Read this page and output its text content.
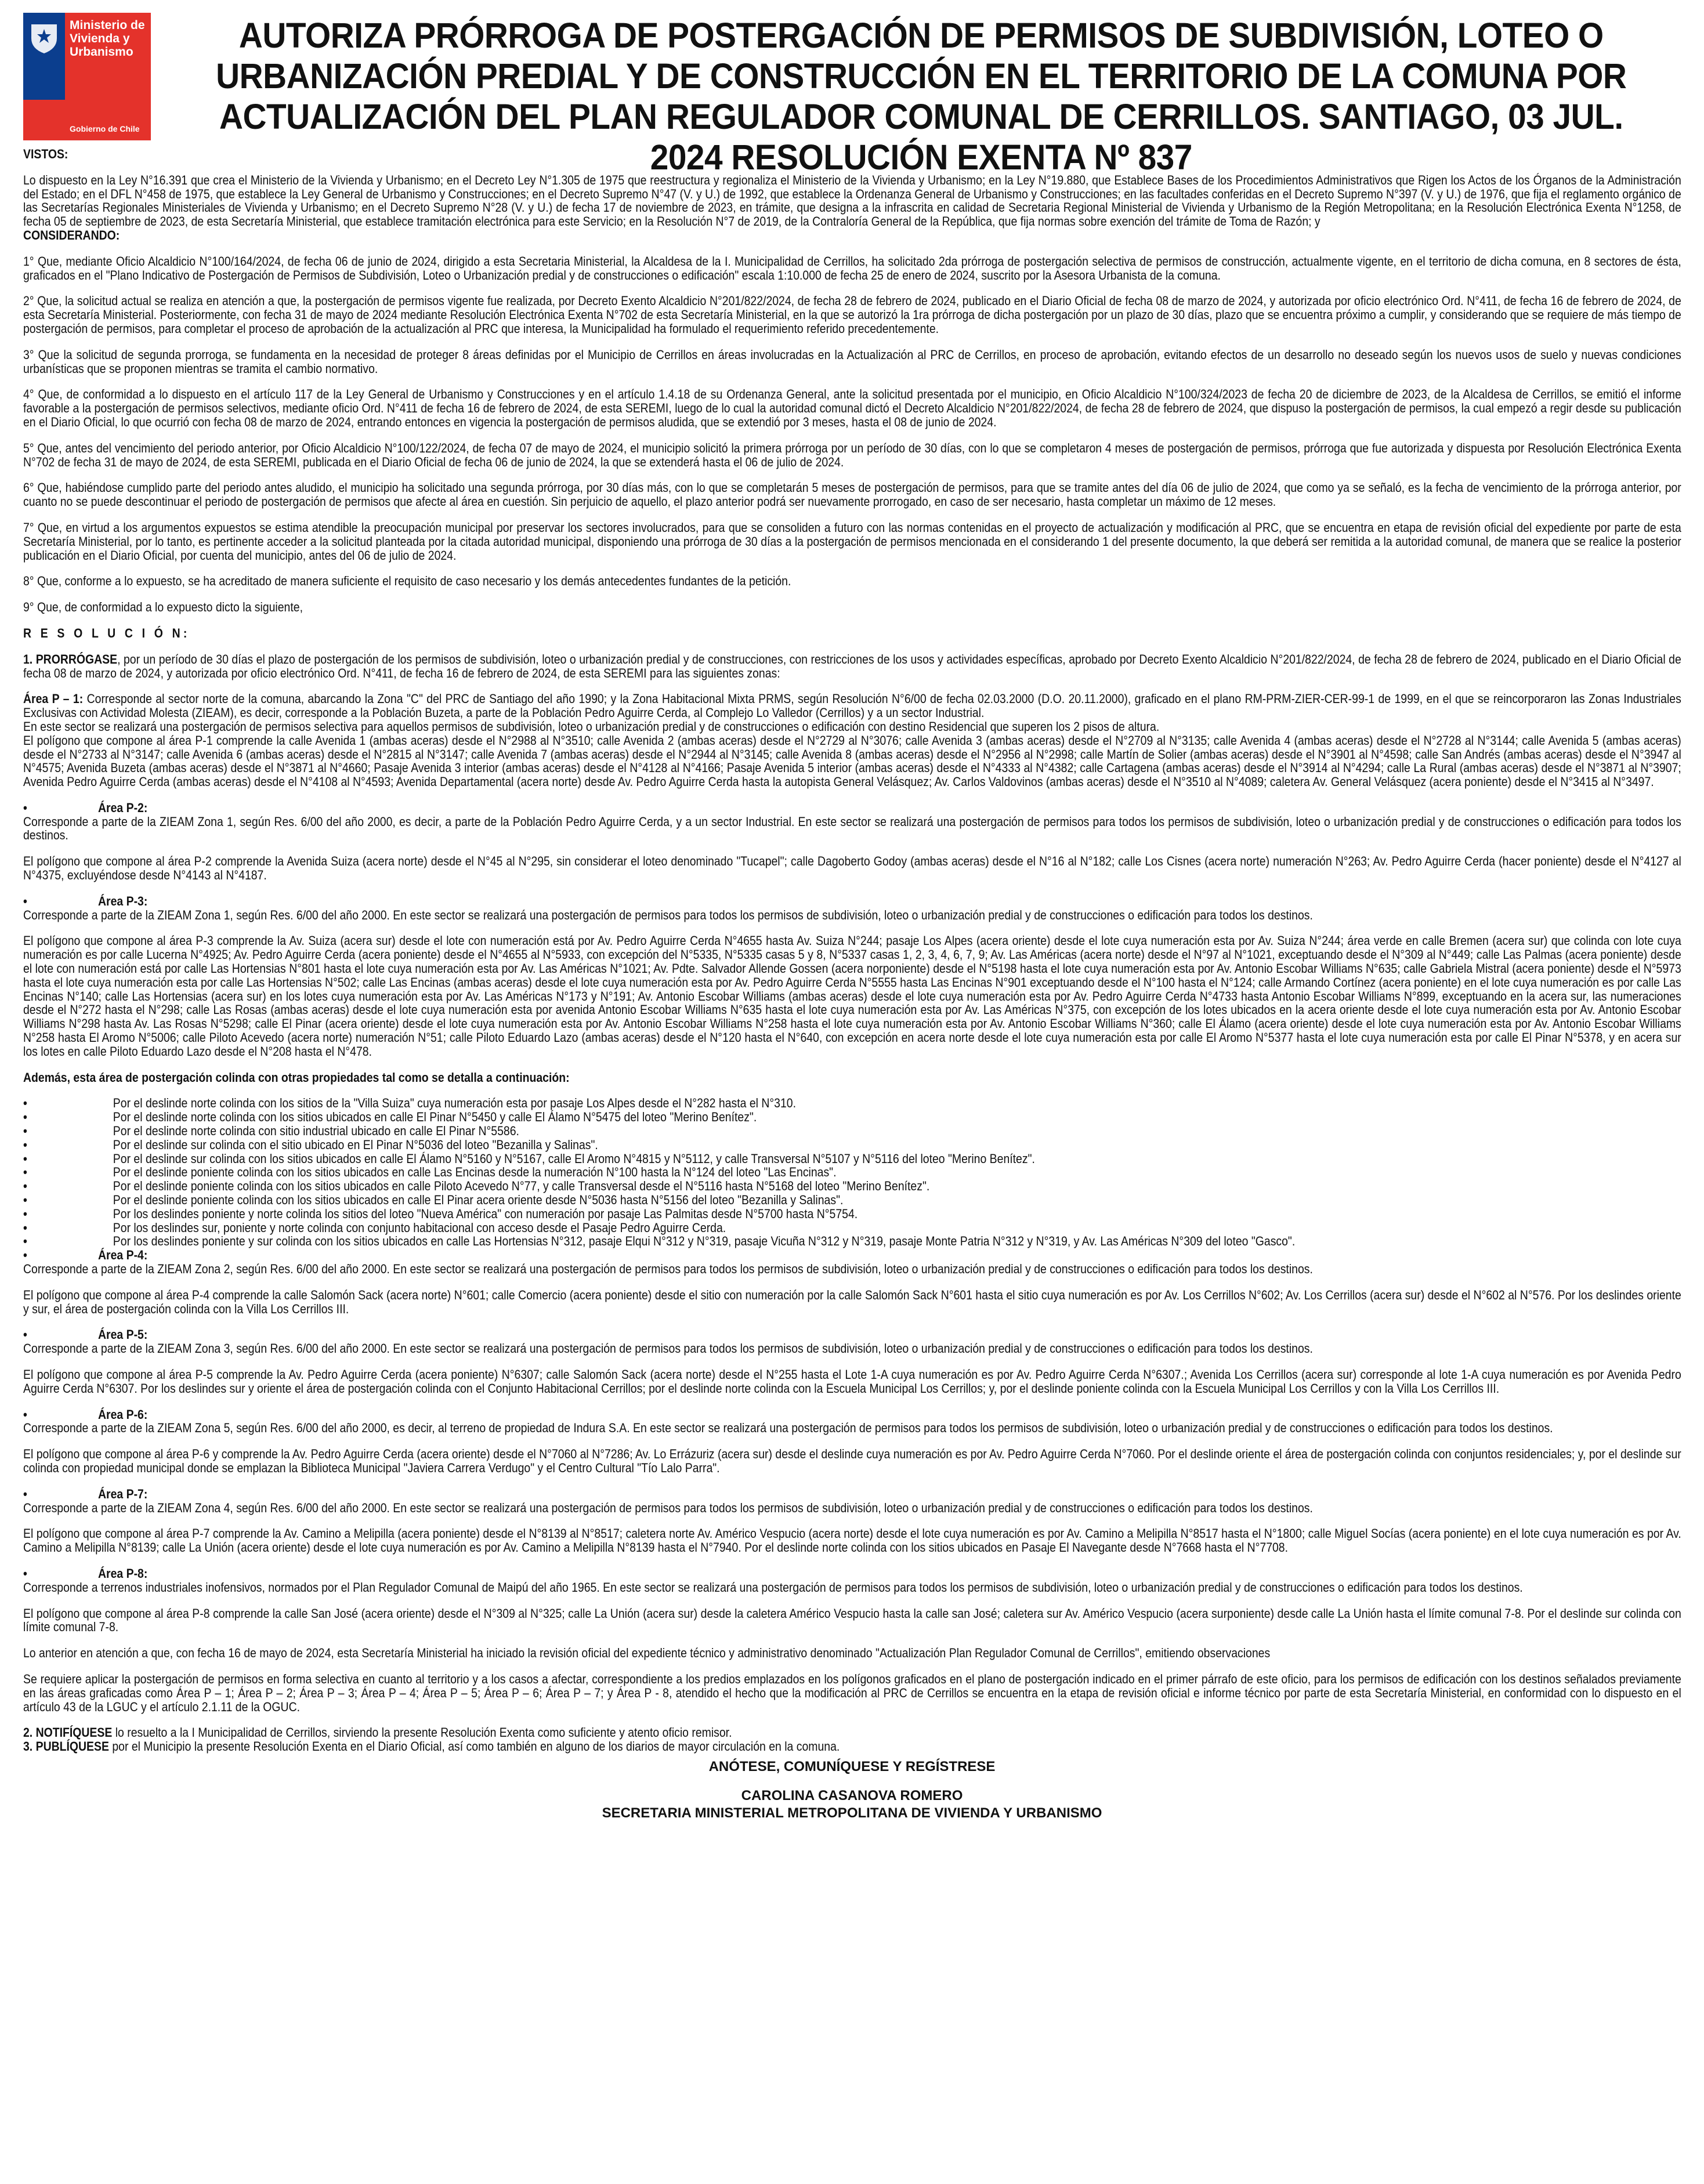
Ministerio de Vivienda y Urbanismo
Gobierno de Chile
AUTORIZA PRÓRROGA DE POSTERGACIÓN DE PERMISOS DE SUBDIVISIÓN, LOTEO O URBANIZACIÓN PREDIAL Y DE CONSTRUCCIÓN EN EL TERRITORIO DE LA COMUNA POR ACTUALIZACIÓN DEL PLAN REGULADOR COMUNAL DE CERRILLOS. SANTIAGO, 03 JUL. 2024 RESOLUCIÓN EXENTA Nº 837

VISTOS:

Lo dispuesto en la Ley N°16.391 que crea el Ministerio de la Vivienda y Urbanismo; en el Decreto Ley N°1.305 de 1975 que reestructura y regionaliza el Ministerio de la Vivienda y Urbanismo; en la Ley N°19.880, que Establece Bases de los Procedimientos Administrativos que Rigen los Actos de los Órganos de la Administración del Estado; en el DFL N°458 de 1975, que establece la Ley General de Urbanismo y Construcciones; en el Decreto Supremo N°47 (V. y U.) de 1992, que establece la Ordenanza General de Urbanismo y Construcciones; en las facultades conferidas en el Decreto Supremo N°397 (V. y U.) de 1976, que fija el reglamento orgánico de las Secretarías Regionales Ministeriales de Vivienda y Urbanismo; en el Decreto Supremo N°28 (V. y U.) de fecha 17 de noviembre de 2023, en trámite, que designa a la infrascrita en calidad de Secretaria Regional Ministerial de Vivienda y Urbanismo de la Región Metropolitana; en la Resolución Electrónica Exenta N°1258, de fecha 05 de septiembre de 2023, de esta Secretaría Ministerial, que establece tramitación electrónica para este Servicio; en la Resolución N°7 de 2019, de la Contraloría General de la República, que fija normas sobre exención del trámite de Toma de Razón; y

CONSIDERANDO:

1° Que, mediante Oficio Alcaldicio N°100/164/2024, de fecha 06 de junio de 2024, dirigido a esta Secretaria Ministerial, la Alcaldesa de la I. Municipalidad de Cerrillos, ha solicitado 2da prórroga de postergación selectiva de permisos de construcción, actualmente vigente, en el territorio de dicha comuna, en 8 sectores de ésta, graficados en el "Plano Indicativo de Postergación de Permisos de Subdivisión, Loteo o Urbanización predial y de construcciones o edificación" escala 1:10.000 de fecha 25 de enero de 2024, suscrito por la Asesora Urbanista de la comuna.

2° Que, la solicitud actual se realiza en atención a que, la postergación de permisos vigente fue realizada, por Decreto Exento Alcaldicio N°201/822/2024, de fecha 28 de febrero de 2024, publicado en el Diario Oficial de fecha 08 de marzo de 2024, y autorizada por oficio electrónico Ord. N°411, de fecha 16 de febrero de 2024, de esta Secretaría Ministerial. Posteriormente, con fecha 31 de mayo de 2024 mediante Resolución Electrónica Exenta N°702 de esta Secretaría Ministerial, en la que se autorizó la 1ra prórroga de dicha postergación por un plazo de 30 días, plazo que se encuentra próximo a cumplir, y considerando que se requiere de más tiempo de postergación de permisos, para completar el proceso de aprobación de la actualización al PRC que interesa, la Municipalidad ha formulado el requerimiento referido precedentemente.

3° Que la solicitud de segunda prorroga, se fundamenta en la necesidad de proteger 8 áreas definidas por el Municipio de Cerrillos en áreas involucradas en la Actualización al PRC de Cerrillos, en proceso de aprobación, evitando efectos de un desarrollo no deseado según los nuevos usos de suelo y nuevas condiciones urbanísticas que se proponen mientras se tramita el cambio normativo.

4° Que, de conformidad a lo dispuesto en el artículo 117 de la Ley General de Urbanismo y Construcciones y en el artículo 1.4.18 de su Ordenanza General, ante la solicitud presentada por el municipio, en Oficio Alcaldicio N°100/324/2023 de fecha 20 de diciembre de 2023, de la Alcaldesa de Cerrillos, se emitió el informe favorable a la postergación de permisos selectivos, mediante oficio Ord. N°411 de fecha 16 de febrero de 2024, de esta SEREMI, luego de lo cual la autoridad comunal dictó el Decreto Alcaldicio N°201/822/2024, de fecha 28 de febrero de 2024, que dispuso la postergación de permisos, la cual empezó a regir desde su publicación en el Diario Oficial, lo que ocurrió con fecha 08 de marzo de 2024, entrando entonces en vigencia la postergación de permisos aludida, que se extendió por 3 meses, hasta el 08 de junio de 2024.

5° Que, antes del vencimiento del periodo anterior, por Oficio Alcaldicio N°100/122/2024, de fecha 07 de mayo de 2024, el municipio solicitó la primera prórroga por un período de 30 días, con lo que se completaron 4 meses de postergación de permisos, prórroga que fue autorizada y dispuesta por Resolución Electrónica Exenta N°702 de fecha 31 de mayo de 2024, de esta SEREMI, publicada en el Diario Oficial de fecha 06 de junio de 2024, la que se extenderá hasta el 06 de julio de 2024.

6° Que, habiéndose cumplido parte del periodo antes aludido, el municipio ha solicitado una segunda prórroga, por 30 días más, con lo que se completarán 5 meses de postergación de permisos, para que se tramite antes del día 06 de julio de 2024, que como ya se señaló, es la fecha de vencimiento de la prórroga anterior, por cuanto no se puede descontinuar el periodo de postergación de permisos que afecte al área en cuestión. Sin perjuicio de aquello, el plazo anterior podrá ser nuevamente prorrogado, en caso de ser necesario, hasta completar un máximo de 12 meses.

7° Que, en virtud a los argumentos expuestos se estima atendible la preocupación municipal por preservar los sectores involucrados, para que se consoliden a futuro con las normas contenidas en el proyecto de actualización y modificación al PRC, que se encuentra en etapa de revisión oficial del expediente por parte de esta Secretaría Ministerial, por lo tanto, es pertinente acceder a la solicitud planteada por la citada autoridad municipal, disponiendo una prórroga de 30 días a la postergación de permisos mencionada en el considerando 1 del presente documento, la que deberá ser remitida a la autoridad comunal, de manera que se realice la posterior publicación en el Diario Oficial, por cuenta del municipio, antes del 06 de julio de 2024.

8° Que, conforme a lo expuesto, se ha acreditado de manera suficiente el requisito de caso necesario y los demás antecedentes fundantes de la petición.

9° Que, de conformidad a lo expuesto dicto la siguiente,

R E S O L U C I Ó N:

1. PRORRÓGASE, por un período de 30 días el plazo de postergación de los permisos de subdivisión, loteo o urbanización predial y de construcciones, con restricciones de los usos y actividades específicas, aprobado por Decreto Exento Alcaldicio N°201/822/2024, de fecha 28 de febrero de 2024, publicado en el Diario Oficial de fecha 08 de marzo de 2024, y autorizada por oficio electrónico Ord. N°411, de fecha 16 de febrero de 2024, de esta SEREMI para las siguientes zonas:

Área P – 1: Corresponde al sector norte de la comuna, abarcando la Zona "C" del PRC de Santiago del año 1990; y la Zona Habitacional Mixta PRMS, según Resolución N°6/00 de fecha 02.03.2000 (D.O. 20.11.2000), graficado en el plano RM-PRM-ZIER-CER-99-1 de 1999, en el que se reincorporaron las Zonas Industriales Exclusivas con Actividad Molesta (ZIEAM), es decir, corresponde a la Población Buzeta, a parte de la Población Pedro Aguirre Cerda, al Complejo Lo Valledor (Cerrillos) y a un sector Industrial.

En este sector se realizará una postergación de permisos selectiva para aquellos permisos de subdivisión, loteo o urbanización predial y de construcciones o edificación con destino Residencial que superen los 2 pisos de altura.

El polígono que compone al área P-1 comprende la calle Avenida 1 (ambas aceras) desde el N°2988 al N°3510; calle Avenida 2 (ambas aceras) desde el N°2729 al N°3076; calle Avenida 3 (ambas aceras) desde el N°2709 al N°3135; calle Avenida 4 (ambas aceras) desde el N°2728 al N°3144; calle Avenida 5 (ambas aceras) desde el N°2733 al N°3147; calle Avenida 6 (ambas aceras) desde el N°2815 al N°3147; calle Avenida 7 (ambas aceras) desde el N°2944 al N°3145; calle Avenida 8 (ambas aceras) desde el N°2956 al N°2998; calle Martín de Solier (ambas aceras) desde el N°3901 al N°4598; calle San Andrés (ambas aceras) desde el N°3947 al N°4575; Avenida Buzeta (ambas aceras) desde el N°3871 al N°4660; Pasaje Avenida 3 interior (ambas aceras) desde el N°4128 al N°4166; Pasaje Avenida 5 interior (ambas aceras) desde el N°4333 al N°4382; calle Cartagena (ambas aceras) desde el N°3914 al N°4294; calle La Rural (ambas aceras) desde el N°3871 al N°3907; Avenida Pedro Aguirre Cerda (ambas aceras) desde el N°4108 al N°4593; Avenida Departamental (acera norte) desde Av. Pedro Aguirre Cerda hasta la autopista General Velásquez; Av. Carlos Valdovinos (ambas aceras) desde el N°3510 al N°4089; caletera Av. General Velásquez (acera poniente) desde el N°3415 al N°3497.

•	Área P-2:

Corresponde a parte de la ZIEAM Zona 1, según Res. 6/00 del año 2000, es decir, a parte de la Población Pedro Aguirre Cerda, y a un sector Industrial. En este sector se realizará una postergación de permisos para todos los permisos de subdivisión, loteo o urbanización predial y de construcciones o edificación para todos los destinos.

El polígono que compone al área P-2 comprende la Avenida Suiza (acera norte) desde el N°45 al N°295, sin considerar el loteo denominado "Tucapel"; calle Dagoberto Godoy (ambas aceras) desde el N°16 al N°182; calle Los Cisnes (acera norte) numeración N°263; Av. Pedro Aguirre Cerda (hacer poniente) desde el N°4127 al N°4375, excluyéndose desde N°4143 al N°4187.

•	Área P-3:

Corresponde a parte de la ZIEAM Zona 1, según Res. 6/00 del año 2000. En este sector se realizará una postergación de permisos para todos los permisos de subdivisión, loteo o urbanización predial y de construcciones o edificación para todos los destinos.

El polígono que compone al área P-3 comprende la Av. Suiza (acera sur) desde el lote con numeración está por Av. Pedro Aguirre Cerda N°4655 hasta Av. Suiza N°244; pasaje Los Alpes (acera oriente) desde el lote cuya numeración esta por Av. Suiza N°244; área verde en calle Bremen (acera sur) que colinda con lote cuya numeración es por calle Lucerna N°4925; Av. Pedro Aguirre Cerda (acera poniente) desde el N°4655 al N°5933, con excepción del N°5335, N°5335 casas 5 y 8, N°5337 casas 1, 2, 3, 4, 6, 7, 9; Av. Las Américas (acera norte) desde el N°97 al N°1021, exceptuando desde el N°309 al N°449; calle Las Palmas (acera poniente) desde el lote con numeración está por calle Las Hortensias N°801 hasta el lote cuya numeración esta por Av. Las Américas N°1021; Av. Pdte. Salvador Allende Gossen (acera norponiente) desde el N°5198 hasta el lote cuya numeración esta por Av. Antonio Escobar Williams N°635; calle Gabriela Mistral (acera poniente) desde el N°5973 hasta el lote cuya numeración esta por calle Las Hortensias N°502; calle Las Encinas (ambas aceras) desde el lote cuya numeración esta por Av. Pedro Aguirre Cerda N°5555 hasta Las Encinas N°901 exceptuando desde el N°100 hasta el N°124; calle Armando Cortínez (acera poniente) en el lote cuya numeración es por calle Las Encinas N°140; calle Las Hortensias (acera sur) en los lotes cuya numeración esta por Av. Las Américas N°173 y N°191; Av. Antonio Escobar Williams (ambas aceras) desde el lote cuya numeración esta por Av. Pedro Aguirre Cerda N°4733 hasta Antonio Escobar Williams N°899, exceptuando en la acera sur, las numeraciones desde el N°272 hasta el N°298; calle Las Rosas (ambas aceras) desde el lote cuya numeración esta por avenida Antonio Escobar Williams N°635 hasta el lote cuya numeración esta por Av. Las Américas N°375, con excepción de los lotes ubicados en la acera oriente desde el lote cuya numeración esta por Av. Antonio Escobar Williams N°298 hasta Av. Las Rosas N°5298; calle El Pinar (acera oriente) desde el lote cuya numeración esta por Av. Antonio Escobar Williams N°258 hasta el lote cuya numeración esta por Av. Antonio Escobar Williams N°360; calle El Álamo (acera oriente) desde el lote cuya numeración esta por Av. Antonio Escobar Williams N°258 hasta El Aromo N°5006; calle Piloto Acevedo (acera norte) numeración N°51; calle Piloto Eduardo Lazo (ambas aceras) desde el N°120 hasta el N°640, con excepción en acera norte desde el lote cuya numeración esta por calle El Aromo N°5377 hasta el lote cuya numeración esta por calle El Pinar N°5378, y en acera sur los lotes en calle Piloto Eduardo Lazo desde el N°208 hasta el N°478.

Además, esta área de postergación colinda con otras propiedades tal como se detalla a continuación:

•	Por el deslinde norte colinda con los sitios de la "Villa Suiza" cuya numeración esta por pasaje Los Alpes desde el N°282 hasta el N°310.
•	Por el deslinde norte colinda con los sitios ubicados en calle El Pinar N°5450 y calle El Álamo N°5475 del loteo "Merino Benítez".
•	Por el deslinde norte colinda con sitio industrial ubicado en calle El Pinar N°5586.
•	Por el deslinde sur colinda con el sitio ubicado en El Pinar N°5036 del loteo "Bezanilla y Salinas".
•	Por el deslinde sur colinda con los sitios ubicados en calle El Álamo N°5160 y N°5167, calle El Aromo N°4815 y N°5112, y calle Transversal N°5107 y N°5116 del loteo "Merino Benítez".
•	Por el deslinde poniente colinda con los sitios ubicados en calle Las Encinas desde la numeración N°100 hasta la N°124 del loteo "Las Encinas".
•	Por el deslinde poniente colinda con los sitios ubicados en calle Piloto Acevedo N°77, y calle Transversal desde el N°5116 hasta N°5168 del loteo "Merino Benítez".
•	Por el deslinde poniente colinda con los sitios ubicados en calle El Pinar acera oriente desde N°5036 hasta N°5156 del loteo "Bezanilla y Salinas".
•	Por los deslindes poniente y norte colinda los sitios del loteo "Nueva América" con numeración por pasaje Las Palmitas desde N°5700 hasta N°5754.
•	Por los deslindes sur, poniente y norte colinda con conjunto habitacional con acceso desde el Pasaje Pedro Aguirre Cerda.
•	Por los deslindes poniente y sur colinda con los sitios ubicados en calle Las Hortensias N°312, pasaje Elqui N°312 y N°319, pasaje Vicuña N°312 y N°319, pasaje Monte Patria N°312 y N°319, y Av. Las Américas N°309 del loteo "Gasco".
•	Área P-4:

Corresponde a parte de la ZIEAM Zona 2, según Res. 6/00 del año 2000. En este sector se realizará una postergación de permisos para todos los permisos de subdivisión, loteo o urbanización predial y de construcciones o edificación para todos los destinos.

El polígono que compone al área P-4 comprende la calle Salomón Sack (acera norte) N°601; calle Comercio (acera poniente) desde el sitio con numeración por la calle Salomón Sack N°601 hasta el sitio cuya numeración es por Av. Los Cerrillos N°602; Av. Los Cerrillos (acera sur) desde el N°602 al N°576. Por los deslindes oriente y sur, el área de postergación colinda con la Villa Los Cerrillos III.

•	Área P-5:

Corresponde a parte de la ZIEAM Zona 3, según Res. 6/00 del año 2000. En este sector se realizará una postergación de permisos para todos los permisos de subdivisión, loteo o urbanización predial y de construcciones o edificación para todos los destinos.

El polígono que compone al área P-5 comprende la Av. Pedro Aguirre Cerda (acera poniente) N°6307; calle Salomón Sack (acera norte) desde el N°255 hasta el Lote 1-A cuya numeración es por Av. Pedro Aguirre Cerda N°6307.; Avenida Los Cerrillos (acera sur) corresponde al lote 1-A cuya numeración es por Avenida Pedro Aguirre Cerda N°6307. Por los deslindes sur y oriente el área de postergación colinda con el Conjunto Habitacional Cerrillos; por el deslinde norte colinda con la Escuela Municipal Los Cerrillos; y, por el deslinde poniente colinda con la Escuela Municipal Los Cerrillos y con la Villa Los Cerrillos III.

•	Área P-6:

Corresponde a parte de la ZIEAM Zona 5, según Res. 6/00 del año 2000, es decir, al terreno de propiedad de Indura S.A. En este sector se realizará una postergación de permisos para todos los permisos de subdivisión, loteo o urbanización predial y de construcciones o edificación para todos los destinos.

El polígono que compone al área P-6 y comprende la Av. Pedro Aguirre Cerda (acera oriente) desde el N°7060 al N°7286; Av. Lo Errázuriz (acera sur) desde el deslinde cuya numeración es por Av. Pedro Aguirre Cerda N°7060. Por el deslinde oriente el área de postergación colinda con conjuntos residenciales; y, por el deslinde sur colinda con propiedad municipal donde se emplazan la Biblioteca Municipal "Javiera Carrera Verdugo" y el Centro Cultural "Tío Lalo Parra".

•	Área P-7:

Corresponde a parte de la ZIEAM Zona 4, según Res. 6/00 del año 2000. En este sector se realizará una postergación de permisos para todos los permisos de subdivisión, loteo o urbanización predial y de construcciones o edificación para todos los destinos.

El polígono que compone al área P-7 comprende la Av. Camino a Melipilla (acera poniente) desde el N°8139 al N°8517; caletera norte Av. Américo Vespucio (acera norte) desde el lote cuya numeración es por Av. Camino a Melipilla N°8517 hasta el N°1800; calle Miguel Socías (acera poniente) en el lote cuya numeración es por Av. Camino a Melipilla N°8139; calle La Unión (acera oriente) desde el lote cuya numeración es por Av. Camino a Melipilla N°8139 hasta el N°7940. Por el deslinde norte colinda con los sitios ubicados en Pasaje El Navegante desde N°7668 hasta el N°7708.

•	Área P-8:

Corresponde a terrenos industriales inofensivos, normados por el Plan Regulador Comunal de Maipú del año 1965. En este sector se realizará una postergación de permisos para todos los permisos de subdivisión, loteo o urbanización predial y de construcciones o edificación para todos los destinos.

El polígono que compone al área P-8 comprende la calle San José (acera oriente) desde el N°309 al N°325; calle La Unión (acera sur) desde la caletera Américo Vespucio hasta la calle san José; caletera sur Av. Américo Vespucio (acera surponiente) desde calle La Unión hasta el límite comunal 7-8. Por el deslinde sur colinda con límite comunal 7-8.

Lo anterior en atención a que, con fecha 16 de mayo de 2024, esta Secretaría Ministerial ha iniciado la revisión oficial del expediente técnico y administrativo denominado "Actualización Plan Regulador Comunal de Cerrillos", emitiendo observaciones

Se requiere aplicar la postergación de permisos en forma selectiva en cuanto al territorio y a los casos a afectar, correspondiente a los predios emplazados en los polígonos graficados en el plano de postergación indicado en el primer párrafo de este oficio, para los permisos de edificación con los destinos señalados previamente en las áreas graficadas como Área P – 1; Área P – 2; Área P – 3; Área P – 4; Área P – 5; Área P – 6; Área P – 7; y Área P - 8, atendido el hecho que la modificación al PRC de Cerrillos se encuentra en la etapa de revisión oficial e informe técnico por parte de esta Secretaría Ministerial, en conformidad con lo dispuesto en el artículo 43 de la LGUC y el artículo 2.1.11 de la OGUC.

2. NOTIFÍQUESE lo resuelto a la I Municipalidad de Cerrillos, sirviendo la presente Resolución Exenta como suficiente y atento oficio remisor.

3. PUBLÍQUESE por el Municipio la presente Resolución Exenta en el Diario Oficial, así como también en alguno de los diarios de mayor circulación en la comuna.

ANÓTESE, COMUNÍQUESE Y REGÍSTRESE
CAROLINA CASANOVA ROMERO
SECRETARIA MINISTERIAL METROPOLITANA DE VIVIENDA Y URBANISMO
